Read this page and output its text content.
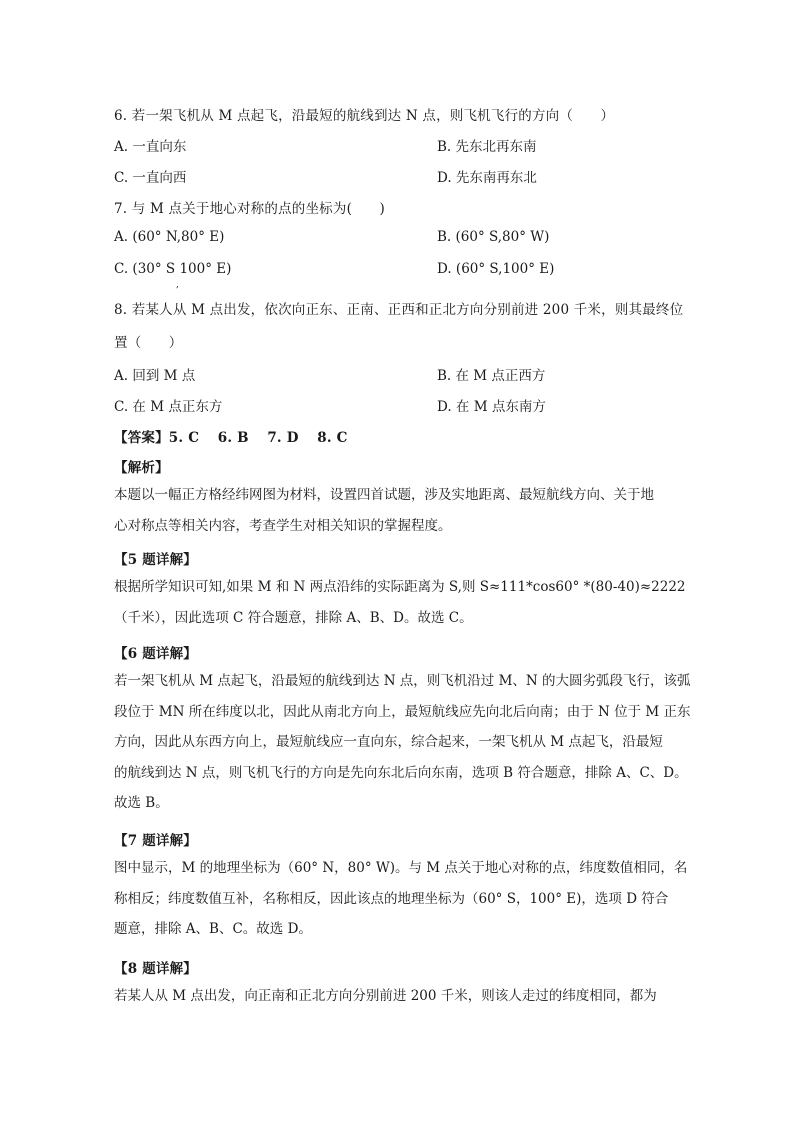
6. 若一架飞机从 M 点起飞，沿最短的航线到达 N 点，则飞机飞行的方向（　　）
A. 一直向东	B. 先东北再东南
C. 一直向西	D. 先东南再东北
7. 与 M 点关于地心对称的点的坐标为(　　)
A. (60° N,80° E)	B. (60° S,80° W)
C. (30° S 100° E)	D. (60° S,100° E)
,
8. 若某人从 M 点出发，依次向正东、正南、正西和正北方向分别前进 200 千米，则其最终位
置（　　）
A. 回到 M 点	B. 在 M 点正西方
C. 在 M 点正东方	D. 在 M 点东南方
【答案】5. C　 6. B　 7. D　 8. C
【解析】
本题以一幅正方格经纬网图为材料，设置四首试题，涉及实地距离、最短航线方向、关于地
心对称点等相关内容，考查学生对相关知识的掌握程度。
【5 题详解】
根据所学知识可知,如果 M 和 N 两点沿纬的实际距离为 S,则 S≈111*cos60° *(80-40)≈2222
（千米），因此选项 C 符合题意，排除 A、B、D。故选 C。
【6 题详解】
若一架飞机从 M 点起飞，沿最短的航线到达 N 点，则飞机沿过 M、N 的大圆劣弧段飞行，该弧
段位于 MN 所在纬度以北，因此从南北方向上，最短航线应先向北后向南；由于 N 位于 M 正东
方向，因此从东西方向上，最短航线应一直向东，综合起来，一架飞机从 M 点起飞，沿最短
的航线到达 N 点，则飞机飞行的方向是先向东北后向东南，选项 B 符合题意，排除 A、C、D。
故选 B。
【7 题详解】
图中显示，M 的地理坐标为（60° N，80° W)。与 M 点关于地心对称的点，纬度数值相同，名
称相反；纬度数值互补，名称相反，因此该点的地理坐标为（60° S，100° E)，选项 D 符合
题意，排除 A、B、C。故选 D。
【8 题详解】
若某人从 M 点出发，向正南和正北方向分别前进 200 千米，则该人走过的纬度相同，都为
